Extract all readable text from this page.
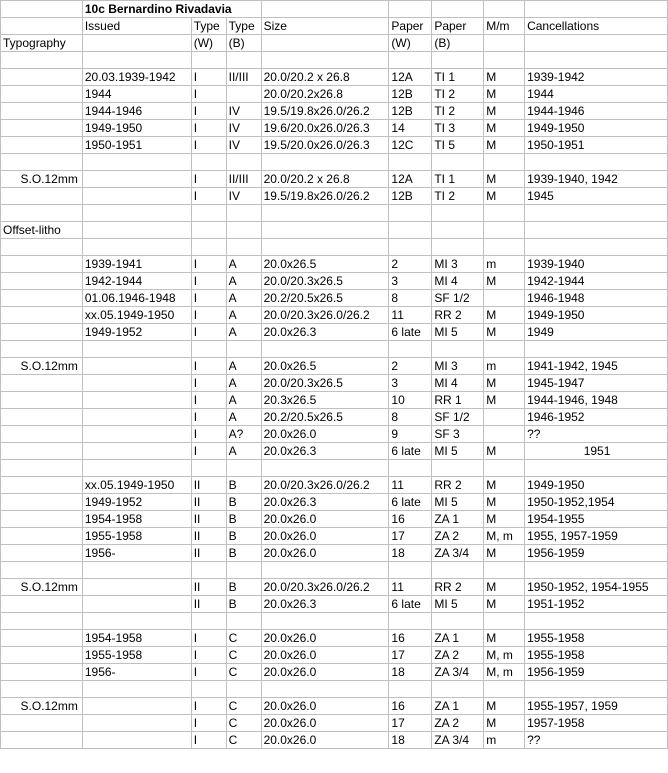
	10c Bernardino Rivadavia							
	Issued	Type	Type	Size	Paper	Paper	M/m	Cancellations
Typography		(W)	(B)		(W)	(B)		

	20.03.1939-1942	I	II/III	20.0/20.2 x 26.8	12A	TI 1	M	1939-1942
	1944	I		20.0/20.2x26.8	12B	TI 2	M	1944
	1944-1946	I	IV	19.5/19.8x26.0/26.2	12B	TI 2	M	1944-1946
	1949-1950	I	IV	19.6/20.0x26.0/26.3	14	TI 3	M	1949-1950
	1950-1951	I	IV	19.5/20.0x26.0/26.3	12C	TI 5	M	1950-1951

S.O.12mm		I	II/III	20.0/20.2 x 26.8	12A	TI 1	M	1939-1940, 1942
		I	IV	19.5/19.8x26.0/26.2	12B	TI 2	M	1945

Offset-litho								

	1939-1941	I	A	20.0x26.5	2	MI 3	m	1939-1940
	1942-1944	I	A	20.0/20.3x26.5	3	MI 4	M	1942-1944
	01.06.1946-1948	I	A	20.2/20.5x26.5	8	SF 1/2		1946-1948
	xx.05.1949-1950	I	A	20.0/20.3x26.0/26.2	11	RR 2	M	1949-1950
	1949-1952	I	A	20.0x26.3	6 late	MI 5	M	1949

S.O.12mm		I	A	20.0x26.5	2	MI 3	m	1941-1942, 1945
		I	A	20.0/20.3x26.5	3	MI 4	M	1945-1947
		I	A	20.3x26.5	10	RR 1	M	1944-1946, 1948
		I	A	20.2/20.5x26.5	8	SF 1/2		1946-1952
		I	A?	20.0x26.0	9	SF 3		??
		I	A	20.0x26.3	6 late	MI 5	M	1951

	xx.05.1949-1950	II	B	20.0/20.3x26.0/26.2	11	RR 2	M	1949-1950
	1949-1952	II	B	20.0x26.3	6 late	MI 5	M	1950-1952,1954
	1954-1958	II	B	20.0x26.0	16	ZA 1	M	1954-1955
	1955-1958	II	B	20.0x26.0	17	ZA 2	M, m	1955, 1957-1959
	1956-	II	B	20.0x26.0	18	ZA 3/4	M	1956-1959

S.O.12mm		II	B	20.0/20.3x26.0/26.2	11	RR 2	M	1950-1952, 1954-1955
		II	B	20.0x26.3	6 late	MI 5	M	1951-1952

	1954-1958	I	C	20.0x26.0	16	ZA 1	M	1955-1958
	1955-1958	I	C	20.0x26.0	17	ZA 2	M, m	1955-1958
	1956-	I	C	20.0x26.0	18	ZA 3/4	M, m	1956-1959

S.O.12mm		I	C	20.0x26.0	16	ZA 1	M	1955-1957, 1959
		I	C	20.0x26.0	17	ZA 2	M	1957-1958
		I	C	20.0x26.0	18	ZA 3/4	m	??
